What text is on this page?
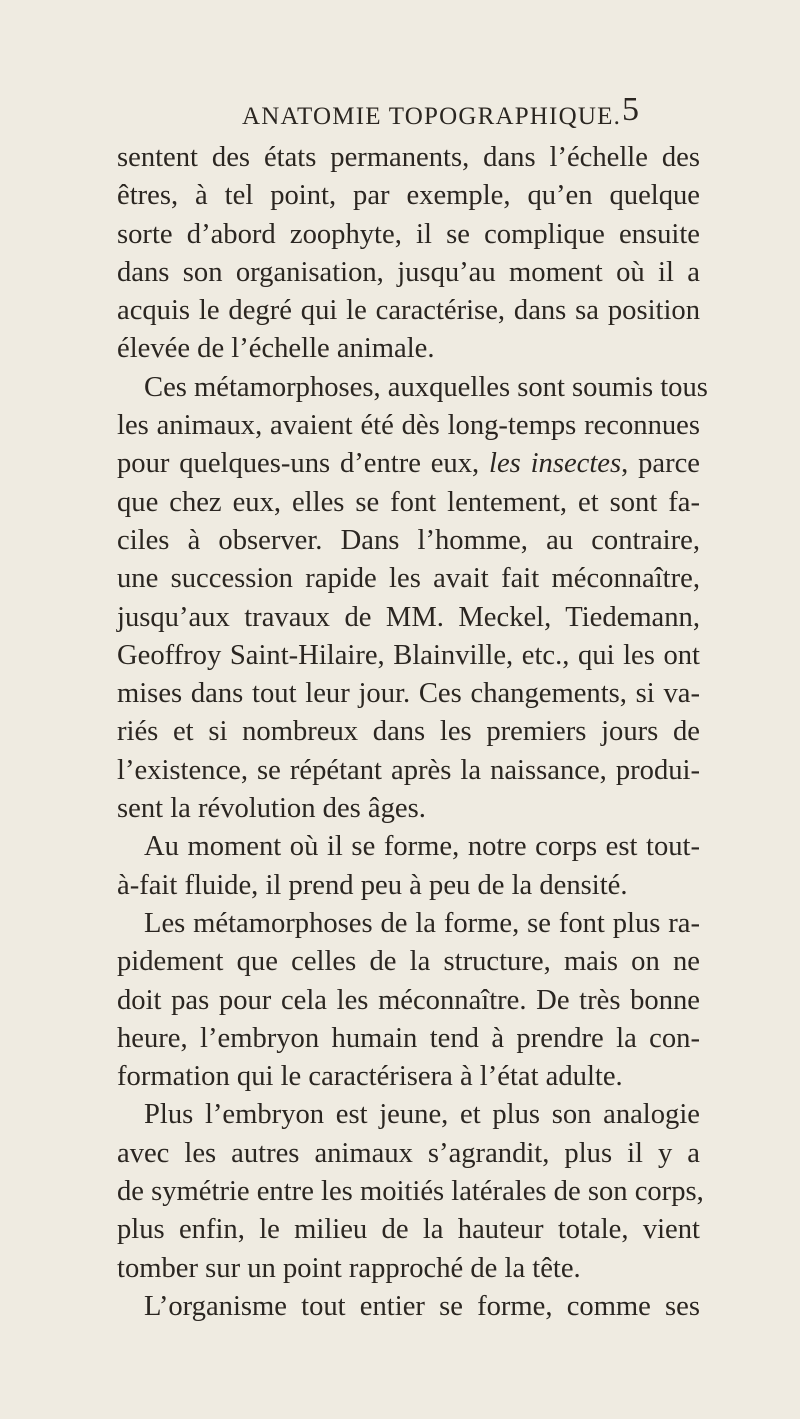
ANATOMIE TOPOGRAPHIQUE. 5
sentent des états permanents, dans l’échelle des
êtres, à tel point, par exemple, qu’en quelque
sorte d’abord zoophyte, il se complique ensuite
dans son organisation, jusqu’au moment où il a
acquis le degré qui le caractérise, dans sa position
élevée de l’échelle animale.
Ces métamorphoses, auxquelles sont soumis tous
les animaux, avaient été dès long-temps reconnues
pour quelques-uns d’entre eux, les insectes, parce
que chez eux, elles se font lentement, et sont fa-
ciles à observer. Dans l’homme, au contraire,
une succession rapide les avait fait méconnaître,
jusqu’aux travaux de MM. Meckel, Tiedemann,
Geoffroy Saint-Hilaire, Blainville, etc., qui les ont
mises dans tout leur jour. Ces changements, si va-
riés et si nombreux dans les premiers jours de
l’existence, se répétant après la naissance, produi-
sent la révolution des âges.
Au moment où il se forme, notre corps est tout-
à-fait fluide, il prend peu à peu de la densité.
Les métamorphoses de la forme, se font plus ra-
pidement que celles de la structure, mais on ne
doit pas pour cela les méconnaître. De très bonne
heure, l’embryon humain tend à prendre la con-
formation qui le caractérisera à l’état adulte.
Plus l’embryon est jeune, et plus son analogie
avec les autres animaux s’agrandit, plus il y a
de symétrie entre les moitiés latérales de son corps,
plus enfin, le milieu de la hauteur totale, vient
tomber sur un point rapproché de la tête.
L’organisme tout entier se forme, comme ses
